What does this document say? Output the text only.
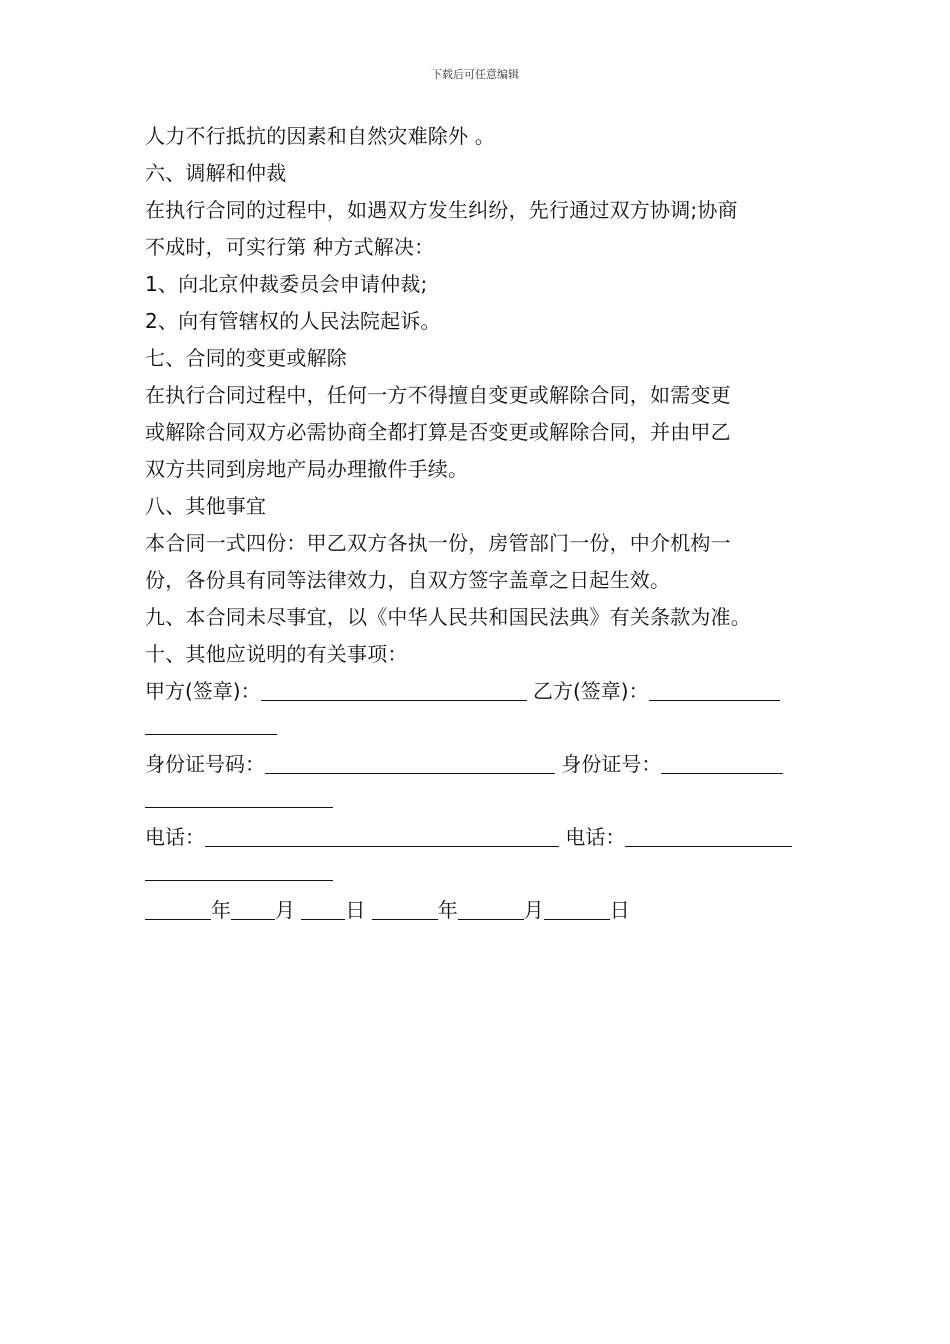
下载后可任意编辑
人力不行抵抗的因素和自然灾难除外 。
六、调解和仲裁
在执行合同的过程中，如遇双方发生纠纷，先行通过双方协调;协商
不成时，可实行第 种方式解决：
1、向北京仲裁委员会申请仲裁;
2、向有管辖权的人民法院起诉。
七、合同的变更或解除
在执行合同过程中，任何一方不得擅自变更或解除合同，如需变更
或解除合同双方必需协商全都打算是否变更或解除合同，并由甲乙
双方共同到房地产局办理撤件手续。
八、其他事宜
本合同一式四份：甲乙双方各执一份，房管部门一份，中介机构一
份，各份具有同等法律效力，自双方签字盖章之日起生效。
九、本合同未尽事宜，以《中华人民共和国民法典》有关条款为准。
十、其他应说明的有关事项：
甲方(签章)：	乙方(签章)：
身份证号码：	身份证号：
电话：	电话：
年 月	日	年	月	日
